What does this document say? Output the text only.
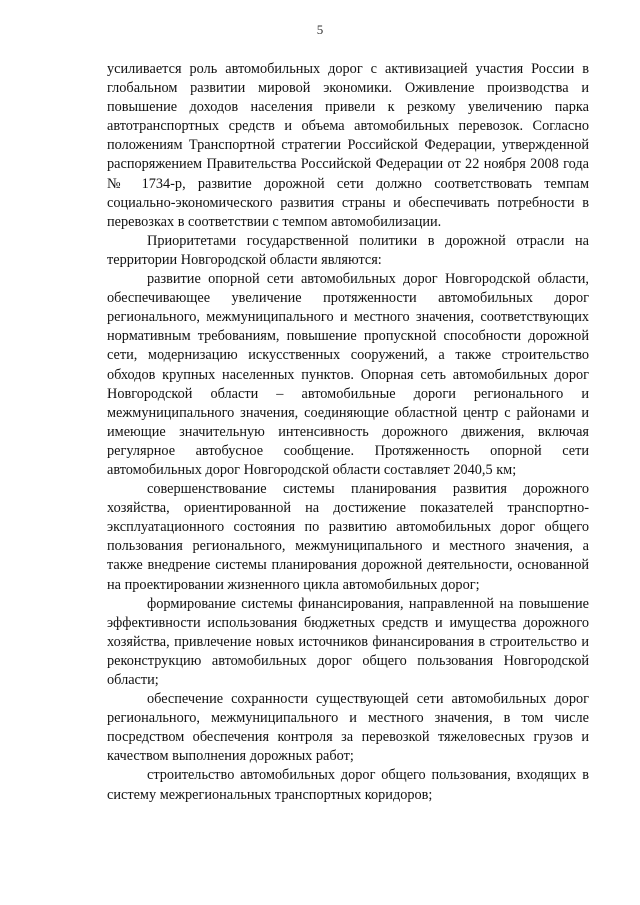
5

усиливается роль автомобильных дорог с активизацией участия России в глобальном развитии мировой экономики. Оживление производства и повышение доходов населения привели к резкому увеличению парка автотранспортных средств и объема автомобильных перевозок. Согласно положениям Транспортной стратегии Российской Федерации, утвержденной распоряжением Правительства Российской Федерации от 22 ноября 2008 года № 1734-р, развитие дорожной сети должно соответствовать темпам социально-экономического развития страны и обеспечивать потребности в перевозках в соответствии с темпом автомобилизации.

Приоритетами государственной политики в дорожной отрасли на территории Новгородской области являются:

развитие опорной сети автомобильных дорог Новгородской области, обеспечивающее увеличение протяженности автомобильных дорог регионального, межмуниципального и местного значения, соответствующих нормативным требованиям, повышение пропускной способности дорожной сети, модернизацию искусственных сооружений, а также строительство обходов крупных населенных пунктов. Опорная сеть автомобильных дорог Новгородской области – автомобильные дороги регионального и межмуниципального значения, соединяющие областной центр с районами и имеющие значительную интенсивность дорожного движения, включая регулярное автобусное сообщение. Протяженность опорной сети автомобильных дорог Новгородской области составляет 2040,5 км;

совершенствование системы планирования развития дорожного хозяйства, ориентированной на достижение показателей транспортно-эксплуатационного состояния по развитию автомобильных дорог общего пользования регионального, межмуниципального и местного значения, а также внедрение системы планирования дорожной деятельности, основанной на проектировании жизненного цикла автомобильных дорог;

формирование системы финансирования, направленной на повышение эффективности использования бюджетных средств и имущества дорожного хозяйства, привлечение новых источников финансирования в строительство и реконструкцию автомобильных дорог общего пользования Новгородской области;

обеспечение сохранности существующей сети автомобильных дорог регионального, межмуниципального и местного значения, в том числе посредством обеспечения контроля за перевозкой тяжеловесных грузов и качеством выполнения дорожных работ;

строительство автомобильных дорог общего пользования, входящих в систему межрегиональных транспортных коридоров;
